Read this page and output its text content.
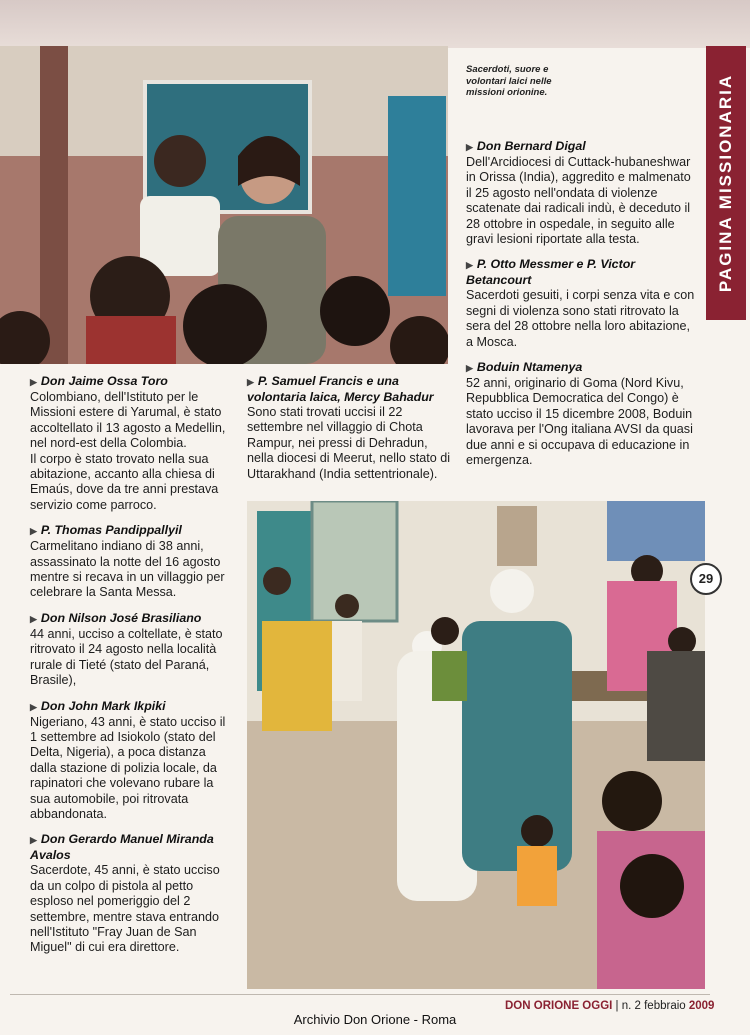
Sacerdoti, suore e volontari laici nelle missioni orionine.	PAGINA MISSIONARIA
▶ Don Bernard Digal

Dell'Arcidiocesi di Cuttack-hubaneshwar in Orissa (India), aggredito e malmenato il 25 agosto nell'ondata di violenze scatenate dai radicali indù, è deceduto il 28 ottobre in ospedale, in seguito alle gravi lesioni riportate alla testa.

▶ P. Otto Messmer e P. Victor Betancourt

Sacerdoti gesuiti, i corpi senza vita e con segni di violenza sono stati ritrovato la sera del 28 ottobre nella loro abitazione, a Mosca.

▶ Boduin Ntamenya

52 anni, originario di Goma (Nord Kivu, Repubblica Democratica del Congo) è stato ucciso il 15 dicembre 2008, Boduin lavorava per l'Ong italiana AVSI da quasi due anni e si occupava di educazione in emergenza.

▶ Don Jaime Ossa Toro

Colombiano, dell'Istituto per le Missioni estere di Yarumal, è stato accoltellato il 13 agosto a Medellin, nel nord-est della Colombia.

Il corpo è stato trovato nella sua abitazione, accanto alla chiesa di Emaús, dove da tre anni prestava servizio come parroco.

▶ P. Thomas Pandippallyil

Carmelitano indiano di 38 anni, assassinato la notte del 16 agosto mentre si recava in un villaggio per celebrare la Santa Messa.

▶ Don Nilson José Brasiliano

44 anni, ucciso a coltellate, è stato ritrovato il 24 agosto nella località rurale di Tieté (stato del Paraná, Brasile),

▶ Don John Mark Ikpiki

Nigeriano, 43 anni, è stato ucciso il 1 settembre ad Isiokolo (stato del Delta, Nigeria), a poca distanza dalla stazione di polizia locale, da rapinatori che volevano rubare la sua automobile, poi ritrovata abbandonata.

▶ Don Gerardo Manuel Miranda Avalos

Sacerdote, 45 anni, è stato ucciso da un colpo di pistola al petto esploso nel pomeriggio del 2 settembre, mentre stava entrando nell'Istituto "Fray Juan de San Miguel" di cui era direttore.

▶ P. Samuel Francis e una volontaria laica, Mercy Bahadur

Sono stati trovati uccisi il 22 settembre nel villaggio di Chota Rampur, nei pressi di Dehradun, nella diocesi di Meerut, nello stato di Uttarakhand (India settentrionale).

29
DON ORIONE OGGI | n. 2 febbraio 2009
Archivio Don Orione - Roma
